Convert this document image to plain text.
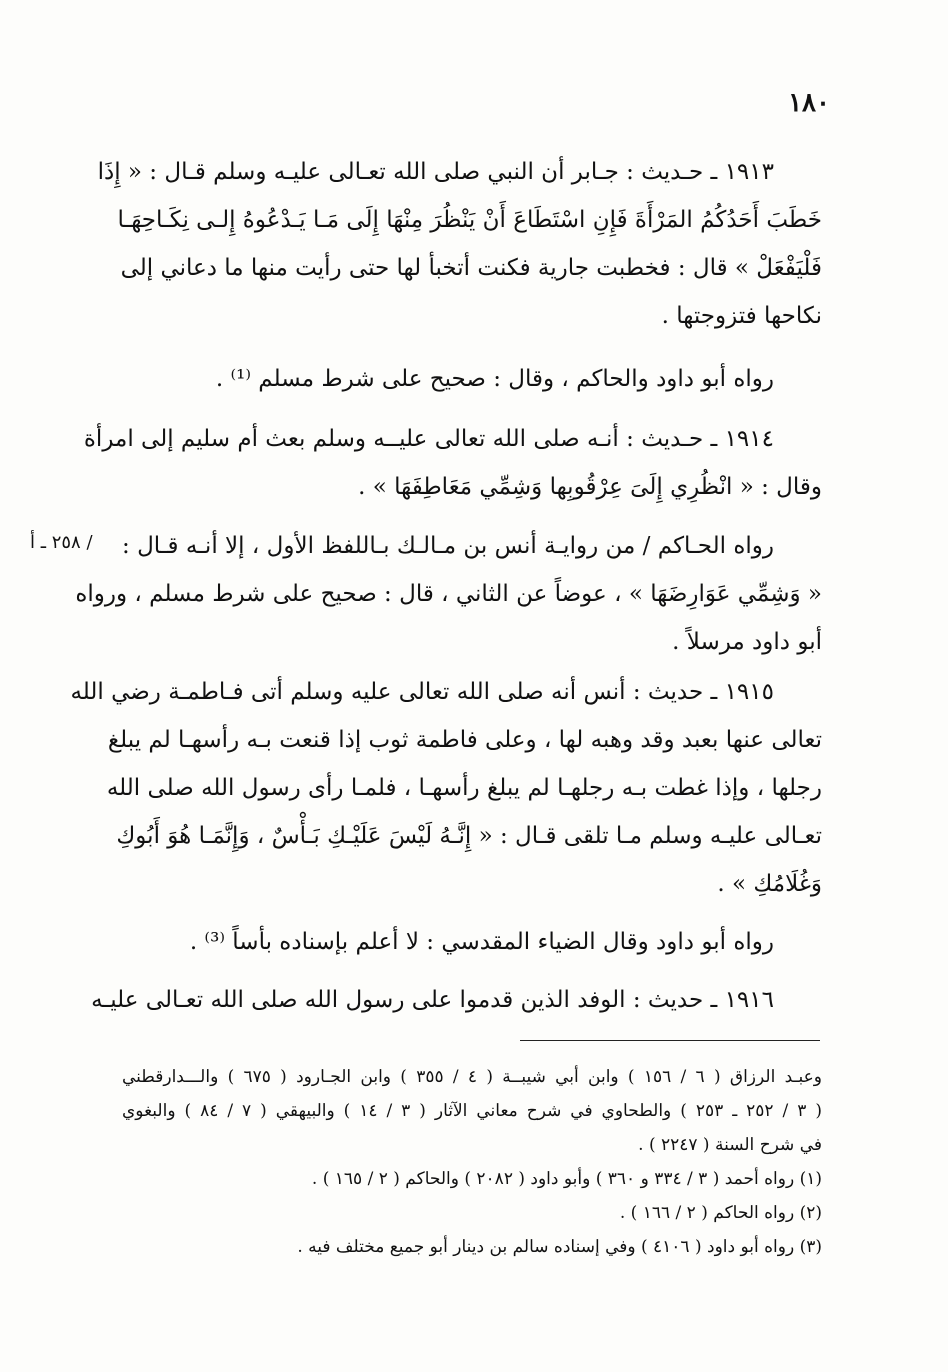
١٨٠
/ ٢٥٨ ـ أ
١٩١٣ ـ حـديث : جـابر أن النبي صلى الله تعـالى عليـه وسلم قـال : « إِذَا
خَطَبَ أَحَدُكُمُ المَرْأَةَ فَإِنِ اسْتَطَاعَ أَنْ يَنْظُرَ مِنْهَا إِلَى مَـا يَـدْعُوهُ إِلـى نِكَـاحِهَـا
فَلْيَفْعَلْ » قال : فخطبت جارية فكنت أتخبأ لها حتى رأيت منها ما دعاني إلى
نكاحها فتزوجتها .
رواه أبو داود والحاكم ، وقال : صحيح على شرط مسلم ⁽¹⁾ .
١٩١٤ ـ حـديث : أنـه صلى الله تعالى عليــه وسلم بعث أم سليم إلى امرأة
وقال : « انْظُرِي إِلَىَ عِرْقُوبِها وَشِمِّي مَعَاطِفَهَا » .
رواه الحـاكم / من روايـة أنس بن مـالـك بـاللفظ الأول ، إلا أنـه قـال :
« وَشِمِّي عَوَارِضَهَا » ، عوضاً عن الثاني ، قال : صحيح على شرط مسلم ، ورواه
أبو داود مرسلاً .
١٩١٥ ـ حديث : أنس أنه صلى الله تعالى عليه وسلم أتى فـاطمـة رضي الله
تعالى عنها بعبد وقد وهبه لها ، وعلى فاطمة ثوب إذا قنعت بـه رأسهـا لم يبلغ
رجلها ، وإذا غطت بـه رجلهـا لم يبلغ رأسهـا ، فلمـا رأى رسول الله صلى الله
تعـالى عليـه وسلم مـا تلقى قـال : « إِنَّـهُ لَيْسَ عَلَيْـكِ بَـأْسٌ ، وَإِنَّمَـا هُوَ أَبُوكِ
وَغُلَامُكِ » .
رواه أبو داود وقال الضياء المقدسي : لا أعلم بإسناده بأساً ⁽³⁾ .
١٩١٦ ـ حديث : الوفد الذين قدموا على رسول الله صلى الله تعـالى عليـه
وعبـد الرزاق ( ٦ / ١٥٦ ) وابن أبي شيبــة ( ٤ / ٣٥٥ ) وابن الجـارود ( ٦٧٥ ) والـــدارقطني
( ٣ / ٢٥٢ ـ ٢٥٣ ) والطحاوي في شرح معاني الآثار ( ٣ / ١٤ ) والبيهقي ( ٧ / ٨٤ ) والبغوي
في شرح السنة ( ٢٢٤٧ ) .
(١) رواه أحمد ( ٣ / ٣٣٤ و ٣٦٠ ) وأبو داود ( ٢٠٨٢ ) والحاكم ( ٢ / ١٦٥ ) .
(٢) رواه الحاكم ( ٢ / ١٦٦ ) .
(٣) رواه أبو داود ( ٤١٠٦ ) وفي إسناده سالم بن دينار أبو جميع مختلف فيه .
